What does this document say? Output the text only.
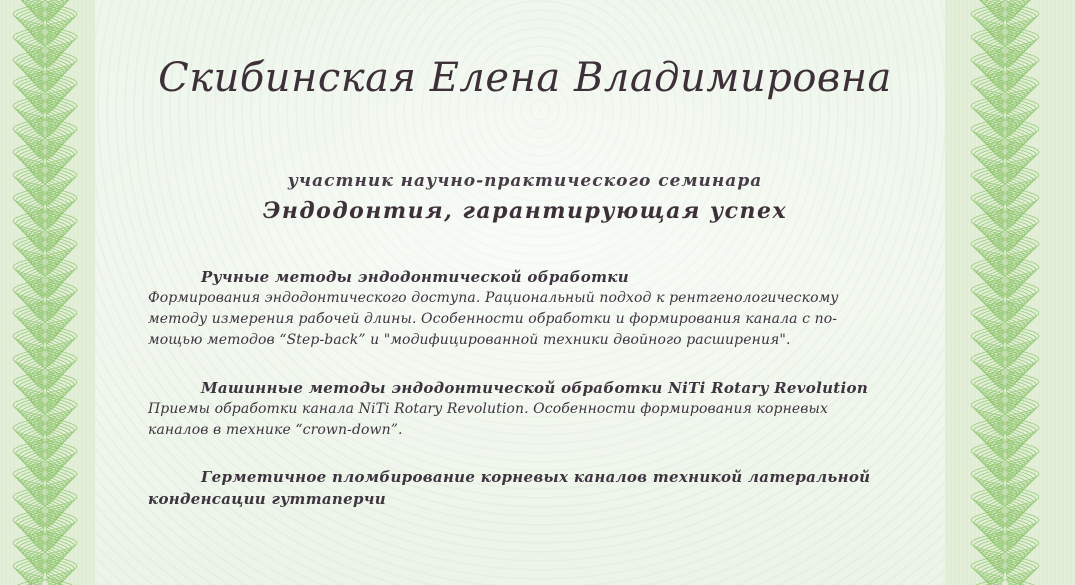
Скибинская Елена Владимировна
участник научно-практического семинара
Эндодонтия, гарантирующая успех
Ручные методы эндодонтической обработки
Формирования эндодонтического доступа. Рациональный подход к рентгенологическому
методу измерения рабочей длины. Особенности обработки и формирования канала с по-
мощью методов “Step-back” и "модифицированной техники двойного расширения".
Машинные методы эндодонтической обработки NiTi Rotary Revolution
Приемы обработки канала NiTi Rotary Revolution. Особенности формирования корневых
каналов в технике “crown-down”.
Герметичное пломбирование корневых каналов техникой латеральной
конденсации гуттаперчи
